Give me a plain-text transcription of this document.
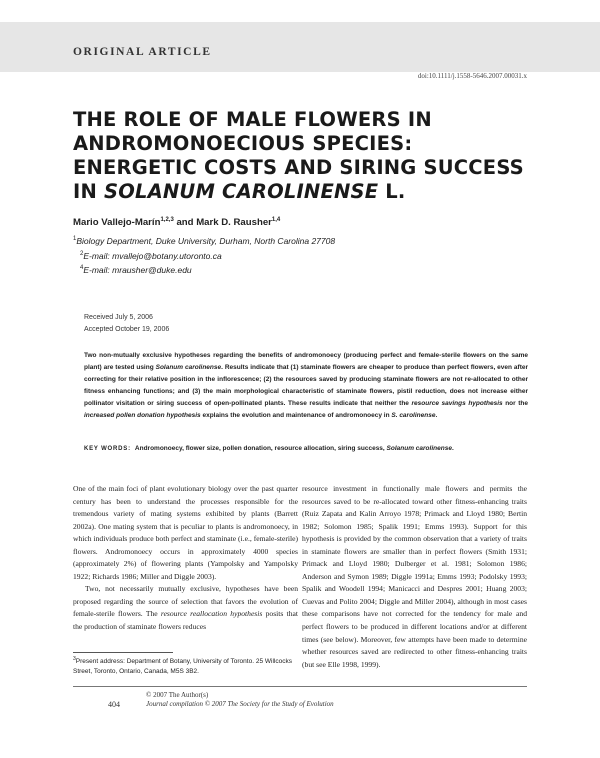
ORIGINAL ARTICLE
doi:10.1111/j.1558-5646.2007.00031.x
THE ROLE OF MALE FLOWERS IN ANDROMONOECIOUS SPECIES: ENERGETIC COSTS AND SIRING SUCCESS IN SOLANUM CAROLINENSE L.
Mario Vallejo-Marín$^{1,2,3}$ and Mark D. Rausher$^{1,4}$
$^1$Biology Department, Duke University, Durham, North Carolina 27708
$^2$E-mail: mvallejo@botany.utoronto.ca
$^4$E-mail: mrausher@duke.edu
Received July 5, 2006
Accepted October 19, 2006
Two non-mutually exclusive hypotheses regarding the benefits of andromonoecy (producing perfect and female-sterile flowers on the same plant) are tested using Solanum carolinense. Results indicate that (1) staminate flowers are cheaper to produce than perfect flowers, even after correcting for their relative position in the inflorescence; (2) the resources saved by producing staminate flowers are not re-allocated to other fitness enhancing functions; and (3) the main morphological characteristic of staminate flowers, pistil reduction, does not increase either pollinator visitation or siring success of open-pollinated plants. These results indicate that neither the resource savings hypothesis nor the increased pollen donation hypothesis explains the evolution and maintenance of andromonoecy in S. carolinense.
KEY WORDS: Andromonoecy, flower size, pollen donation, resource allocation, siring success, Solanum carolinense.

One of the main foci of plant evolutionary biology over the past quarter century has been to understand the processes responsible for the tremendous variety of mating systems exhibited by plants (Barrett 2002a). One mating system that is peculiar to plants is andromonoecy, in which individuals produce both perfect and staminate (i.e., female-sterile) flowers. Andromonoecy occurs in approximately 4000 species (approximately 2%) of flowering plants (Yampolsky and Yampolsky 1922; Richards 1986; Miller and Diggle 2003).

Two, not necessarily mutually exclusive, hypotheses have been proposed regarding the source of selection that favors the evolution of female-sterile flowers. The resource reallocation hypothesis posits that the production of staminate flowers reduces

resource investment in functionally male flowers and permits the resources saved to be re-allocated toward other fitness-enhancing traits (Ruiz Zapata and Kalin Arroyo 1978; Primack and Lloyd 1980; Bertin 1982; Solomon 1985; Spalik 1991; Emms 1993). Support for this hypothesis is provided by the common observation that a variety of traits in staminate flowers are smaller than in perfect flowers (Smith 1931; Primack and Lloyd 1980; Dulberger et al. 1981; Solomon 1986; Anderson and Symon 1989; Diggle 1991a; Emms 1993; Podolsky 1993; Spalik and Woodell 1994; Manicacci and Despres 2001; Huang 2003; Cuevas and Polito 2004; Diggle and Miller 2004), although in most cases these comparisons have not corrected for the tendency for male and perfect flowers to be produced in different locations and/or at different times (see below). Moreover, few attempts have been made to determine whether resources saved are redirected to other fitness-enhancing traits (but see Elle 1998, 1999).

$^3$Present address: Department of Botany, University of Toronto. 25 Willcocks Street, Toronto, Ontario, Canada, M5S 3B2.
404
© 2007 The Author(s)
Journal compilation © 2007 The Society for the Study of Evolution
